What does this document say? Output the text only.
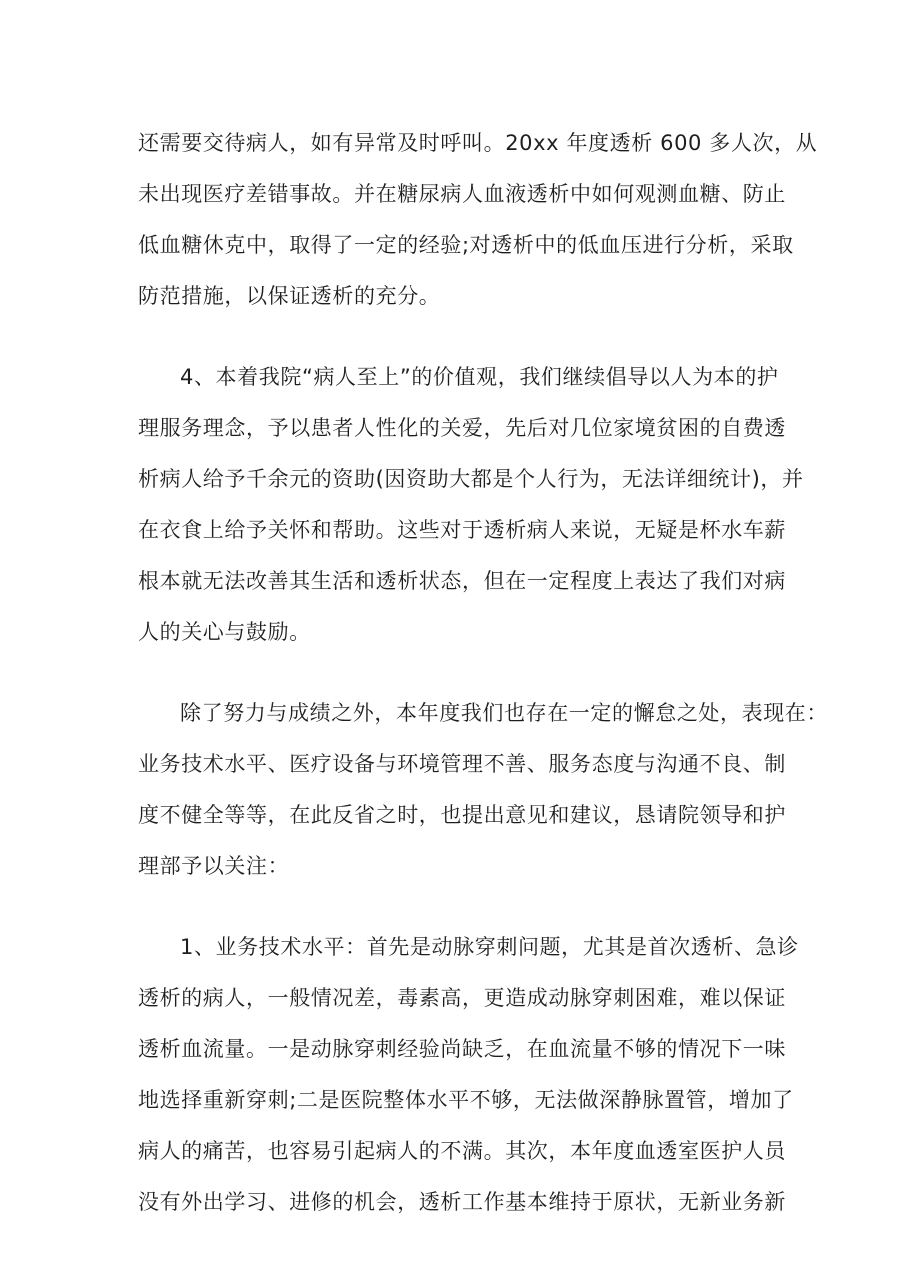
还需要交待病人，如有异常及时呼叫。20xx 年度透析 600 多人次，从
未出现医疗差错事故。并在糖尿病人血液透析中如何观测血糖、防止
低血糖休克中，取得了一定的经验;对透析中的低血压进行分析，采取
防范措施，以保证透析的充分。
4、本着我院“病人至上”的价值观，我们继续倡导以人为本的护
理服务理念，予以患者人性化的关爱，先后对几位家境贫困的自费透
析病人给予千余元的资助(因资助大都是个人行为，无法详细统计)，并
在衣食上给予关怀和帮助。这些对于透析病人来说，无疑是杯水车薪
根本就无法改善其生活和透析状态，但在一定程度上表达了我们对病
人的关心与鼓励。
除了努力与成绩之外，本年度我们也存在一定的懈怠之处，表现在：
业务技术水平、医疗设备与环境管理不善、服务态度与沟通不良、制
度不健全等等，在此反省之时，也提出意见和建议，恳请院领导和护
理部予以关注：
1、业务技术水平：首先是动脉穿刺问题，尤其是首次透析、急诊
透析的病人，一般情况差，毒素高，更造成动脉穿刺困难，难以保证
透析血流量。一是动脉穿刺经验尚缺乏，在血流量不够的情况下一味
地选择重新穿刺;二是医院整体水平不够，无法做深静脉置管，增加了
病人的痛苦，也容易引起病人的不满。其次，本年度血透室医护人员
没有外出学习、进修的机会，透析工作基本维持于原状，无新业务新
